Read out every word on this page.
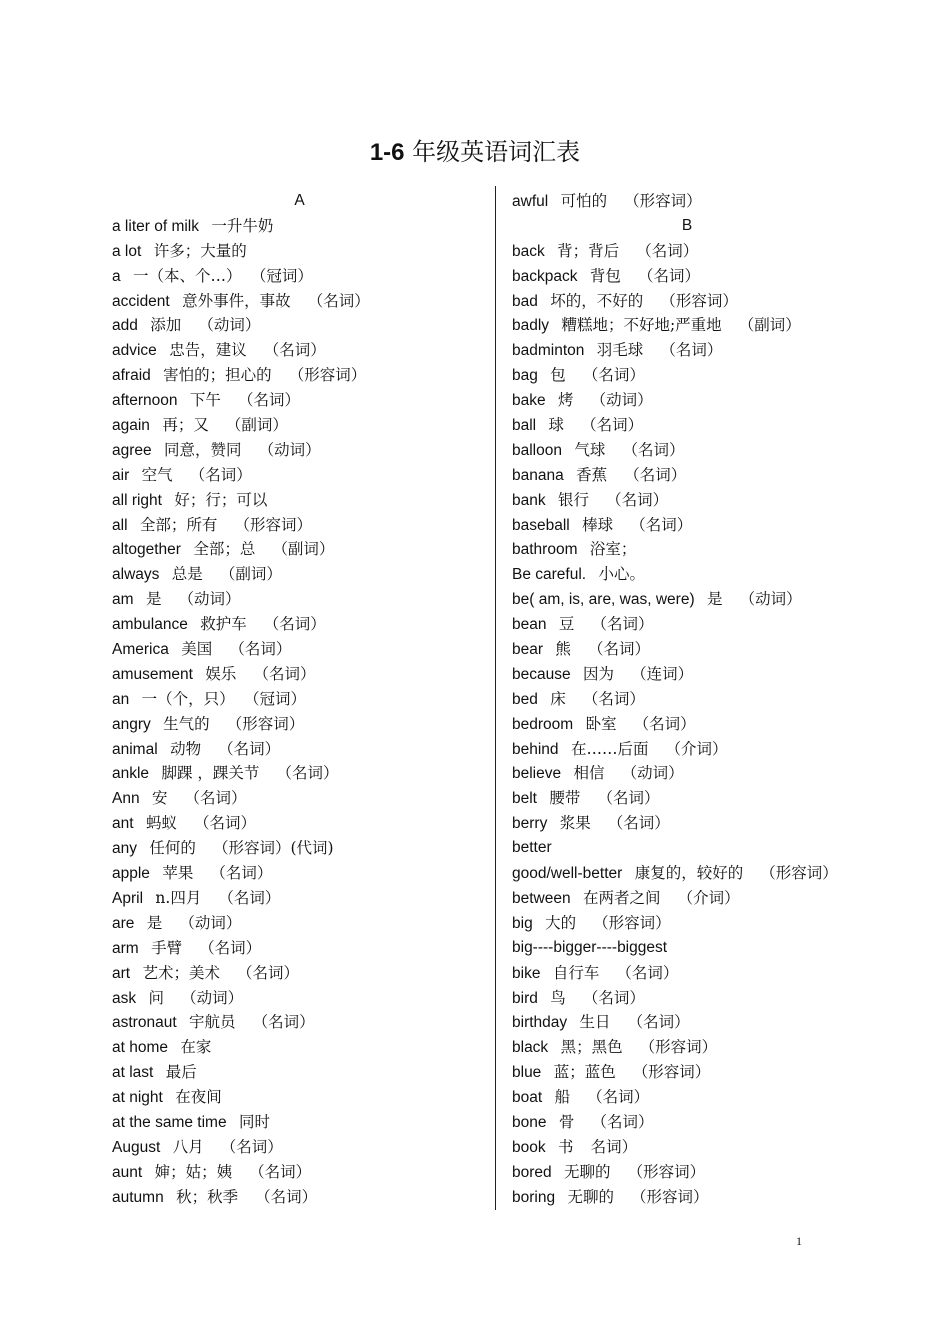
1-6 年级英语词汇表
A
a liter of milk 一升牛奶
a lot 许多；大量的
a 一（本、个…） （冠词）
accident 意外事件，事故 （名词）
add 添加 （动词）
advice 忠告，建议 （名词）
afraid 害怕的；担心的 （形容词）
afternoon 下午 （名词）
again 再；又 （副词）
agree 同意，赞同 （动词）
air 空气 （名词）
all right 好；行；可以
all 全部；所有 （形容词）
altogether 全部；总 （副词）
always 总是 （副词）
am 是 （动词）
ambulance 救护车 （名词）
America 美国 （名词）
amusement 娱乐 （名词）
an 一（个，只） （冠词）
angry 生气的 （形容词）
animal 动物 （名词）
ankle 脚踝 ，踝关节 （名词）
Ann 安 （名词）
ant 蚂蚁 （名词）
any 任何的 （形容词）(代词)
apple 苹果 （名词）
April n.四月 （名词）
are 是 （动词）
arm 手臂 （名词）
art 艺术；美术 （名词）
ask 问 （动词）
astronaut 宇航员 （名词）
at home 在家
at last 最后
at night 在夜间
at the same time 同时
August 八月 （名词）
aunt 婶；姑；姨 （名词）
autumn 秋；秋季 （名词）
awful 可怕的 （形容词）
B
back 背；背后 （名词）
backpack 背包 （名词）
bad 坏的，不好的 （形容词）
badly 糟糕地；不好地;严重地 （副词）
badminton 羽毛球 （名词）
bag 包 （名词）
bake 烤 （动词）
ball 球 （名词）
balloon 气球 （名词）
banana 香蕉 （名词）
bank 银行 （名词）
baseball 棒球 （名词）
bathroom 浴室；
Be careful. 小心。
be( am, is, are, was, were) 是 （动词）
bean 豆 （名词）
bear 熊 （名词）
because 因为 （连词）
bed 床 （名词）
bedroom 卧室 （名词）
behind 在……后面 （介词）
believe 相信 （动词）
belt 腰带 （名词）
berry 浆果 （名词）
better
good/well-better 康复的，较好的 （形容词）
between 在两者之间 （介词）
big 大的 （形容词）
big----bigger----biggest
bike 自行车 （名词）
bird 鸟 （名词）
birthday 生日 （名词）
black 黑；黑色 （形容词）
blue 蓝；蓝色 （形容词）
boat 船 （名词）
bone 骨 （名词）
book 书 名词）
bored 无聊的 （形容词）
boring 无聊的 （形容词）
1
